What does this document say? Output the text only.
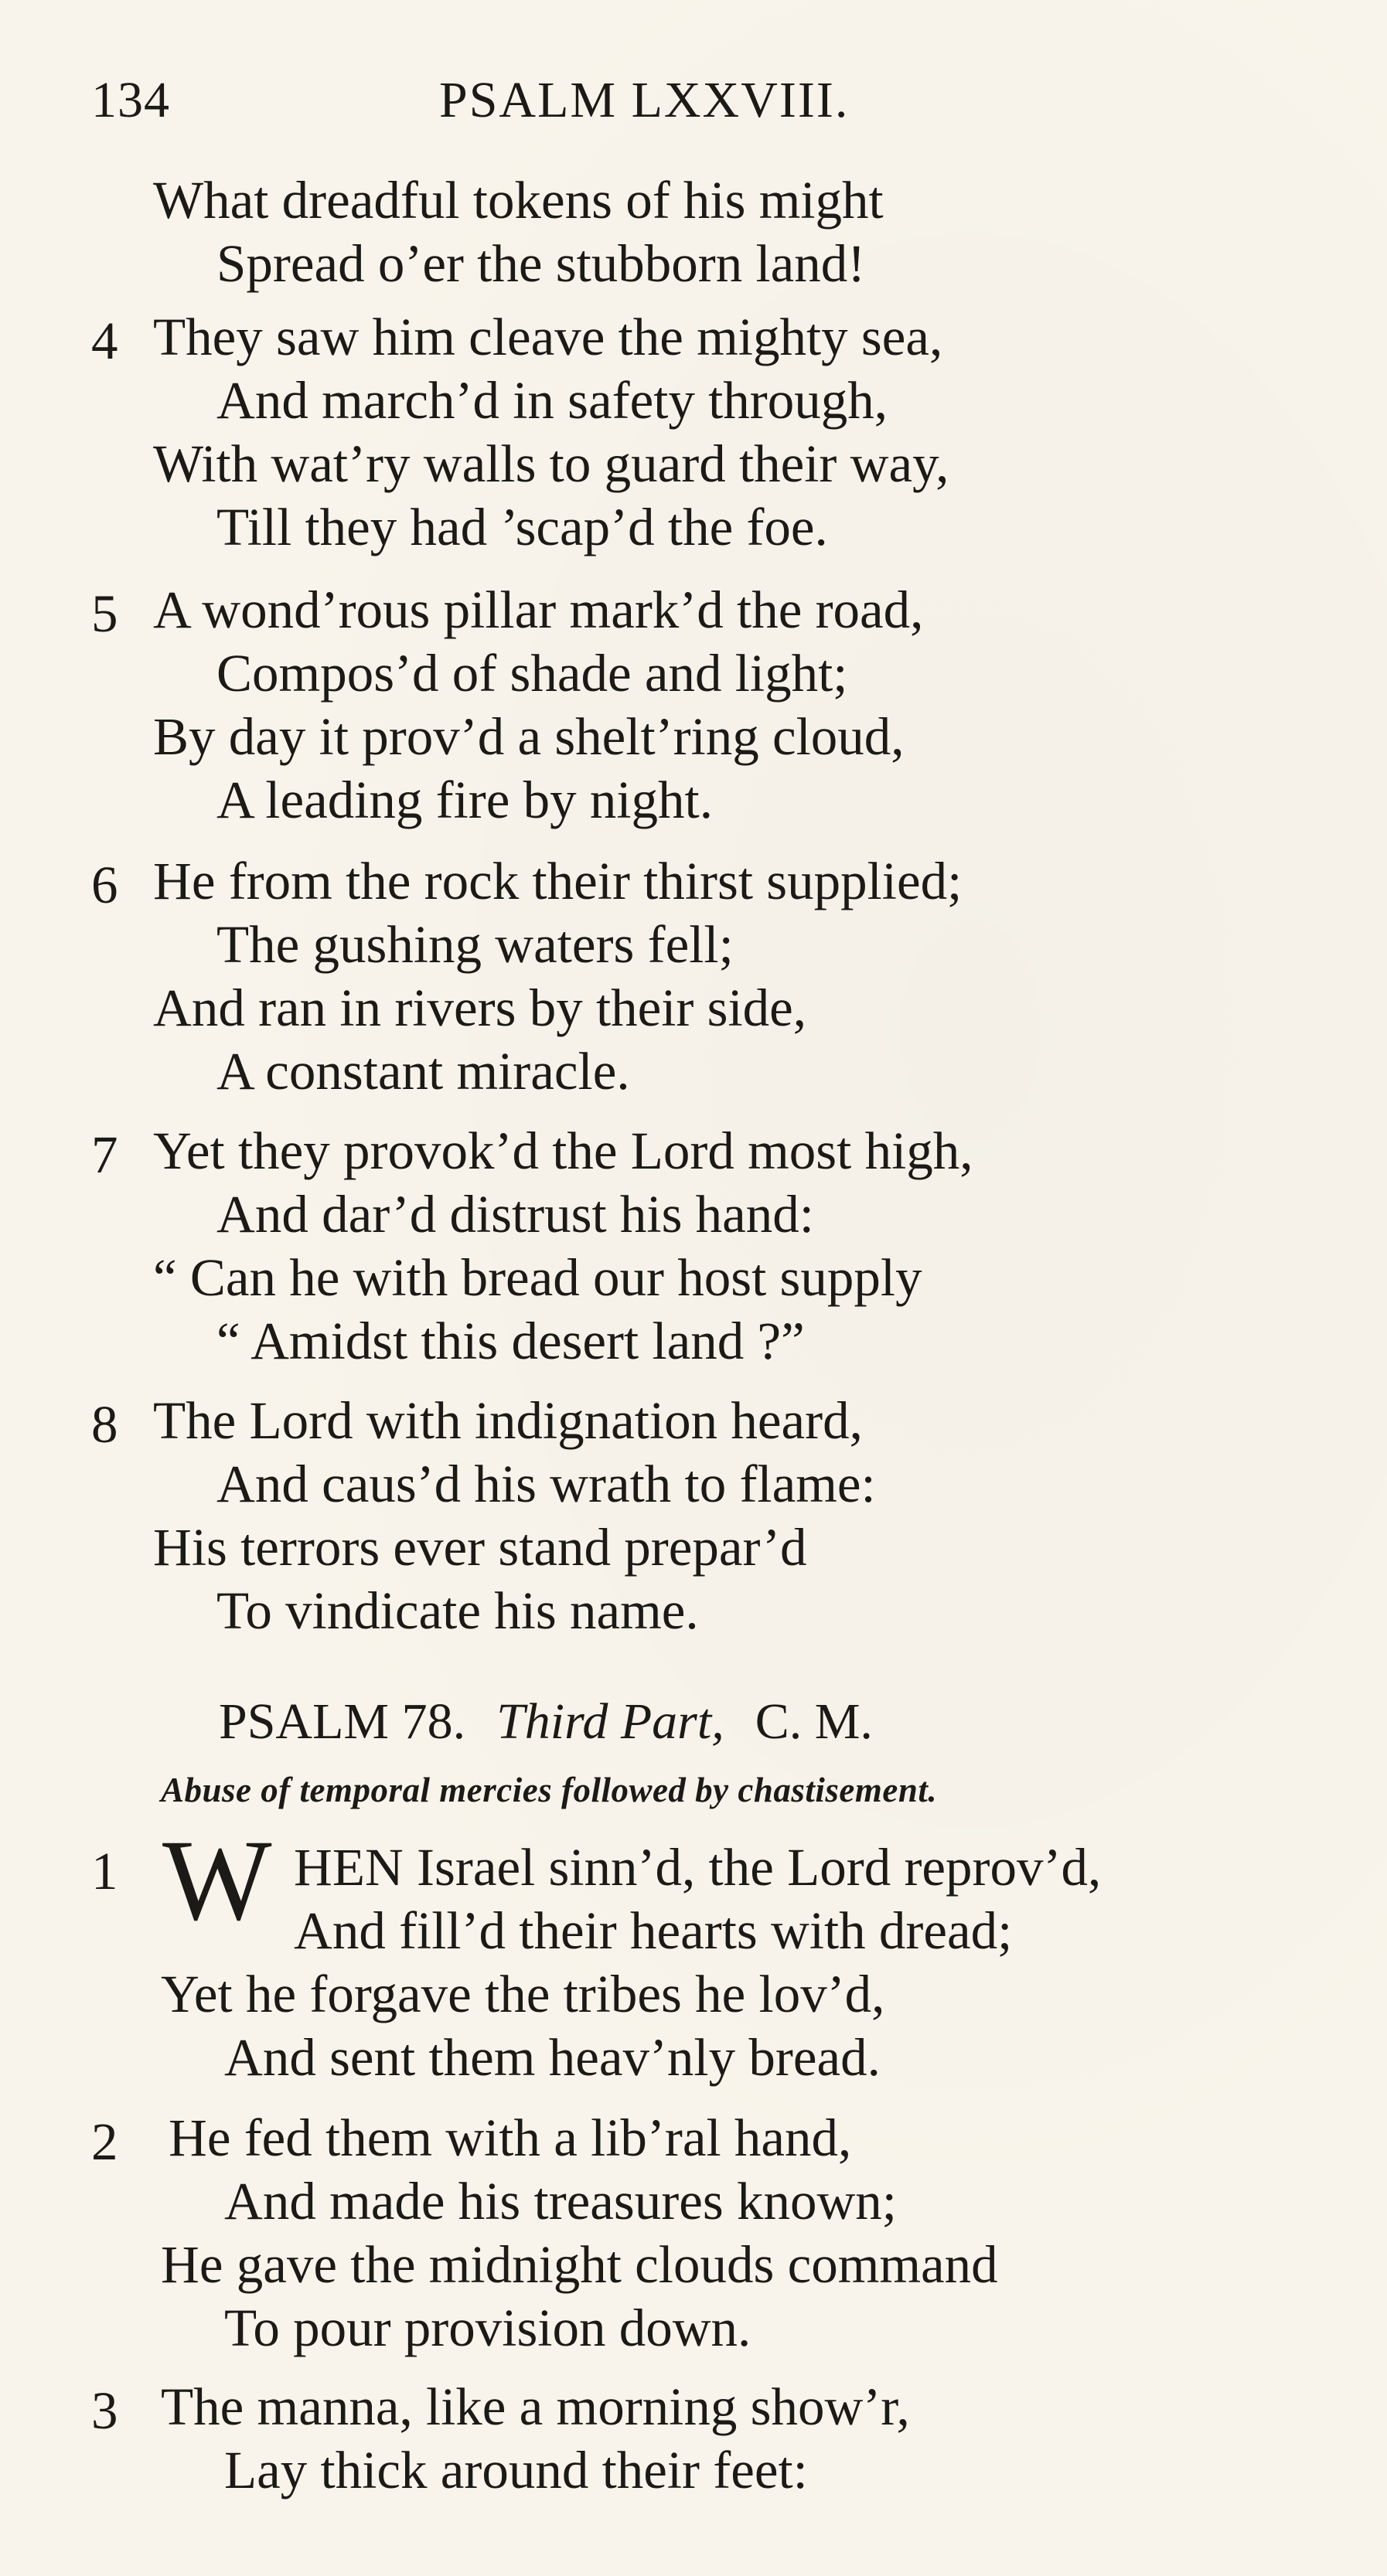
134	PSALM LXXVIII.
What dreadful tokens of his might
Spread o’er the stubborn land!
4 They saw him cleave the mighty sea,
And march’d in safety through,
With wat’ry walls to guard their way,
Till they had ’scap’d the foe.
5 A wond’rous pillar mark’d the road,
Compos’d of shade and light;
By day it prov’d a shelt’ring cloud,
A leading fire by night.
6 He from the rock their thirst supplied;
The gushing waters fell;
And ran in rivers by their side,
A constant miracle.
7 Yet they provok’d the Lord most high,
And dar’d distrust his hand:
“ Can he with bread our host supply
“ Amidst this desert land ?”
8 The Lord with indignation heard,
And caus’d his wrath to flame:
His terrors ever stand prepar’d
To vindicate his name.
PSALM 78. Third Part, C. M.
Abuse of temporal mercies followed by chastisement.
1 W HEN Israel sinn’d, the Lord reprov’d,
And fill’d their hearts with dread;
Yet he forgave the tribes he lov’d,
And sent them heav’nly bread.
2 He fed them with a lib’ral hand,
And made his treasures known;
He gave the midnight clouds command
To pour provision down.
3 The manna, like a morning show’r,
Lay thick around their feet:
